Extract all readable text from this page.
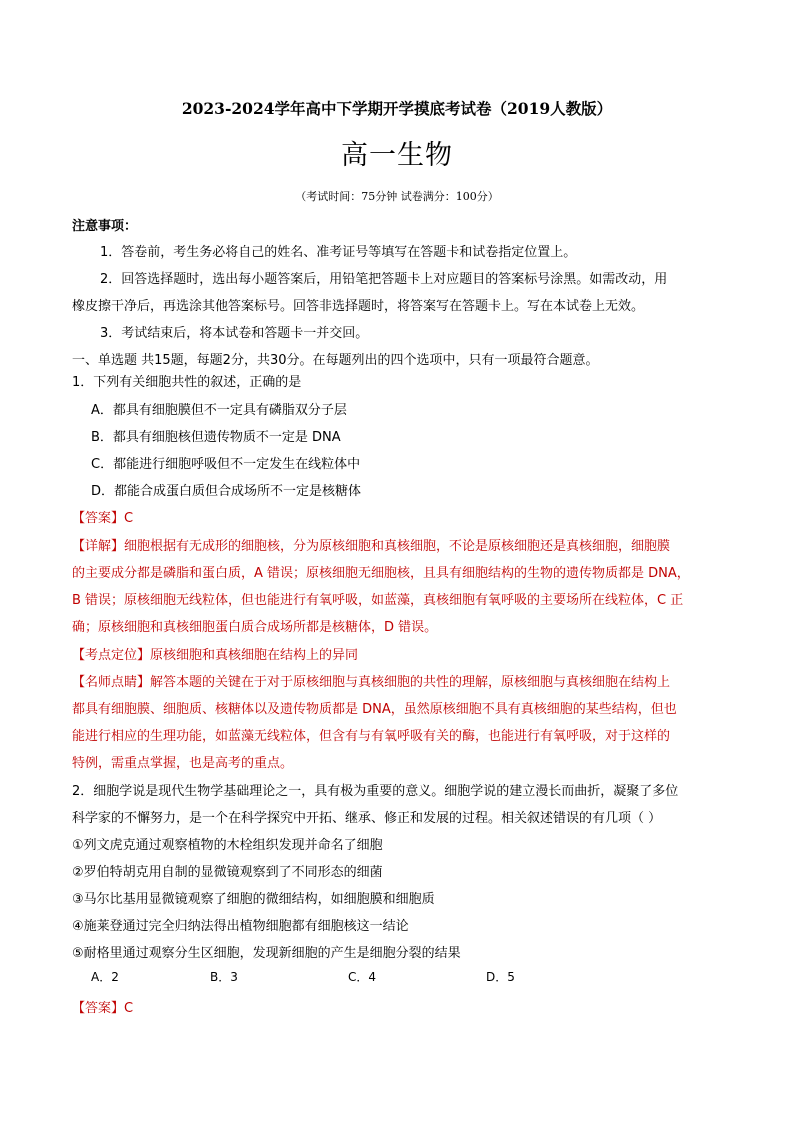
2023-2024学年高中下学期开学摸底考试卷（2019人教版）
高一生物
（考试时间：75分钟 试卷满分：100分）
注意事项：
1．答卷前，考生务必将自己的姓名、准考证号等填写在答题卡和试卷指定位置上。
2．回答选择题时，选出每小题答案后，用铅笔把答题卡上对应题目的答案标号涂黑。如需改动，用
橡皮擦干净后，再选涂其他答案标号。回答非选择题时，将答案写在答题卡上。写在本试卷上无效。
3．考试结束后，将本试卷和答题卡一并交回。
一、单选题 共15题，每题2分，共30分。在每题列出的四个选项中，只有一项最符合题意。
1．下列有关细胞共性的叙述，正确的是
A．都具有细胞膜但不一定具有磷脂双分子层
B．都具有细胞核但遗传物质不一定是 DNA
C．都能进行细胞呼吸但不一定发生在线粒体中
D．都能合成蛋白质但合成场所不一定是核糖体
【答案】C
【详解】细胞根据有无成形的细胞核，分为原核细胞和真核细胞，不论是原核细胞还是真核细胞，细胞膜
的主要成分都是磷脂和蛋白质，A 错误；原核细胞无细胞核，且具有细胞结构的生物的遗传物质都是 DNA，
B 错误；原核细胞无线粒体，但也能进行有氧呼吸，如蓝藻，真核细胞有氧呼吸的主要场所在线粒体，C 正
确；原核细胞和真核细胞蛋白质合成场所都是核糖体，D 错误。
【考点定位】原核细胞和真核细胞在结构上的异同
【名师点睛】解答本题的关键在于对于原核细胞与真核细胞的共性的理解，原核细胞与真核细胞在结构上
都具有细胞膜、细胞质、核糖体以及遗传物质都是 DNA，虽然原核细胞不具有真核细胞的某些结构，但也
能进行相应的生理功能，如蓝藻无线粒体，但含有与有氧呼吸有关的酶，也能进行有氧呼吸，对于这样的
特例，需重点掌握，也是高考的重点。
2．细胞学说是现代生物学基础理论之一，具有极为重要的意义。细胞学说的建立漫长而曲折，凝聚了多位
科学家的不懈努力，是一个在科学探究中开拓、继承、修正和发展的过程。相关叙述错误的有几项（ ）
①列文虎克通过观察植物的木栓组织发现并命名了细胞
②罗伯特胡克用自制的显微镜观察到了不同形态的细菌
③马尔比基用显微镜观察了细胞的微细结构，如细胞膜和细胞质
④施莱登通过完全归纳法得出植物细胞都有细胞核这一结论
⑤耐格里通过观察分生区细胞，发现新细胞的产生是细胞分裂的结果
A．2	B．3	C．4	D．5
【答案】C
